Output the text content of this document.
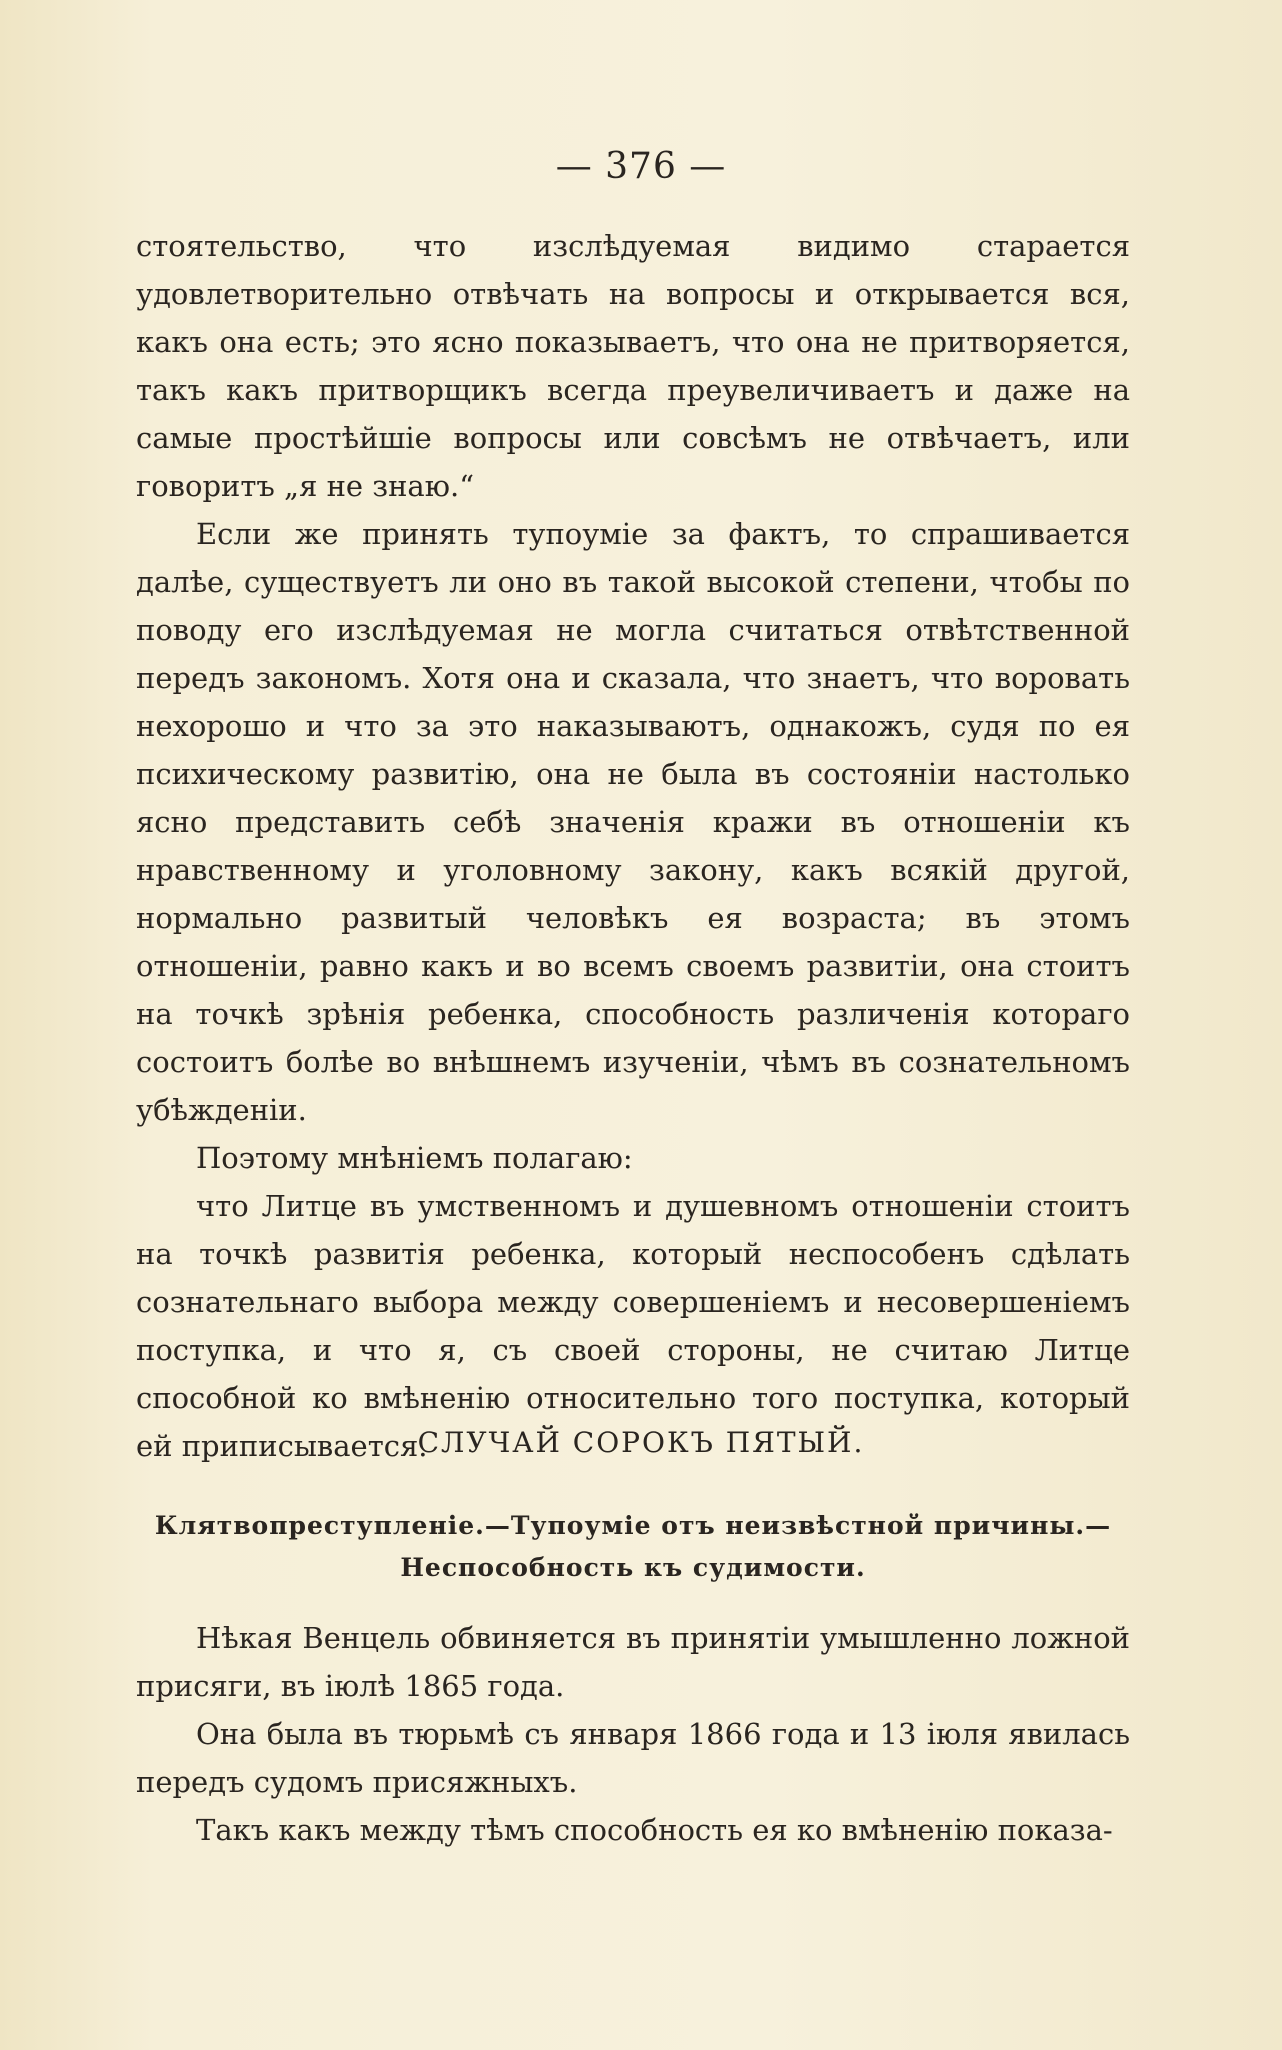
— 376 —

стоятельство, что изслѣдуемая видимо старается удовлетворительно отвѣчать на вопросы и открывается вся, какъ она есть; это ясно показываетъ, что она не притворяется, такъ какъ притворщикъ всегда преувеличиваетъ и даже на самые простѣйшіе вопросы или совсѣмъ не отвѣчаетъ, или говоритъ „я не знаю.“

Если же принять тупоуміе за фактъ, то спрашивается далѣе, существуетъ ли оно въ такой высокой степени, чтобы по поводу его изслѣдуемая не могла считаться отвѣтственной передъ закономъ. Хотя она и сказала, что знаетъ, что воровать нехорошо и что за это наказываютъ, однакожъ, судя по ея психическому развитію, она не была въ состояніи настолько ясно представить себѣ значенія кражи въ отношеніи къ нравственному и уголовному закону, какъ всякій другой, нормально развитый человѣкъ ея возраста; въ этомъ отношеніи, равно какъ и во всемъ своемъ развитіи, она стоитъ на точкѣ зрѣнія ребенка, способность различенія котораго состоитъ болѣе во внѣшнемъ изученіи, чѣмъ въ сознательномъ убѣжденіи.

Поэтому мнѣніемъ полагаю:

что Литце въ умственномъ и душевномъ отношеніи стоитъ на точкѣ развитія ребенка, который неспособенъ сдѣлать сознательнаго выбора между совершеніемъ и несовершеніемъ поступка, и что я, съ своей стороны, не считаю Литце способной ко вмѣненію относительно того поступка, который ей приписывается.

СЛУЧАЙ СОРОКЪ ПЯТЫЙ.
Клятвопреступленіе.—Тупоумiе отъ неизвѣстной причины.— Неспособность къ судимости.

Нѣкая Венцель обвиняется въ принятіи умышленно ложной присяги, въ іюлѣ 1865 года.

Она была въ тюрьмѣ съ января 1866 года и 13 іюля явилась передъ судомъ присяжныхъ.

Такъ какъ между тѣмъ способность ея ко вмѣненію показа-
